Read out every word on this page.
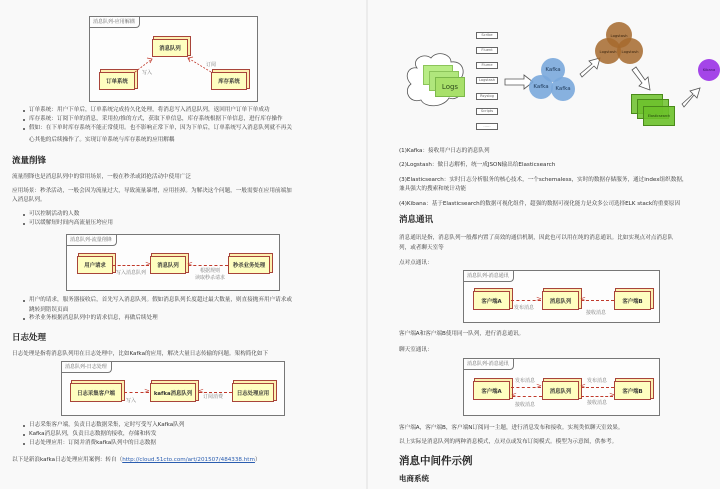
消息队列-应用解耦
消息队列
订单系统	库存系统
写入
订阅
订单系统：用户下单后，订单系统完成持久化处理，将消息写入消息队列，返回用户订单下单成功
库存系统：订阅下单的消息，采用拉/推的方式，获取下单信息，库存系统根据下单信息，进行库存操作
假如：在下单时库存系统不能正常使用。也不影响正常下单，因为下单后，订单系统写入消息队列就不再关
心其他的后续操作了。实现订单系统与库存系统的应用解耦
流量削锋
流量削锋也是消息队列中的常用场景，一般在秒杀或团抢活动中使用广泛
应用场景：秒杀活动，一般会因为流量过大，导致流量暴增，应用挂掉。为解决这个问题，一般需要在应用前端加
入消息队列。
可以控制活动的人数
可以缓解短时间内高流量压垮应用
消息队列-流量削锋
用户请求	消息队列	秒杀业务处理
>	<
写入消息队列	根据规则
读取秒杀请求
用户的请求，服务器接收后，首先写入消息队列。假如消息队列长度超过最大数量，则直接抛弃用户请求或
跳转到错误页面
秒杀业务根据消息队列中的请求信息，再做后续处理
日志处理
日志处理是指将消息队列用在日志处理中，比如Kafka的应用，解决大量日志传输的问题。架构简化如下
消息队列-日志处理
日志采集客户端	kafka消息队列	日志处理应用
>	<
写入
订阅消费
日志采集客户端，负责日志数据采集，定时写受写入Kafka队列
Kafka消息队列，负责日志数据的接收，存储和转发
日志处理应用：订阅并消费kafka队列中的日志数据
以下是新浪kafka日志处理应用案例：转自（http://cloud.51cto.com/art/201507/484338.htm）
Logs
Scribe
Fluent
Flume
Logstash
Rsyslog
Scripts
……
Kafka
Kafka	Kafka
Logstash
Logstash	Logstash
Elasticsearch
Kibana
(1)Kafka：接收用户日志的消息队列
(2)Logstash：做日志解析，统一成JSON输出给Elasticsearch
(3)Elasticsearch：实时日志分析服务的核心技术，一个schemaless，实时的数据存储服务，通过index组织数据，
兼具强大的搜索和统计功能
(4)Kibana：基于Elasticsearch的数据可视化组件，超强的数据可视化能力是众多公司选择ELK stack的重要原因
消息通讯
消息通讯是指，消息队列一般都内置了高效的通信机制，因此也可以用在纯的消息通讯。比如实现点对点消息队
列，或者聊天室等
点对点通讯：
消息队列-消息通讯
客户端A	消息队列	客户端B
>	<
发布消息
接收消息
客户端A和客户端B使用同一队列，进行消息通讯。
聊天室通讯：
消息队列-消息通讯
客户端A	消息队列	客户端B
>
<
<
>
发布消息
接收消息
发布消息
接收消息
客户端A，客户端B，客户端N订阅同一主题，进行消息发布和接收。实现类似聊天室效果。
以上实际是消息队列的两种消息模式，点对点或发布订阅模式。模型为示意图，供参考。
消息中间件示例
电商系统
